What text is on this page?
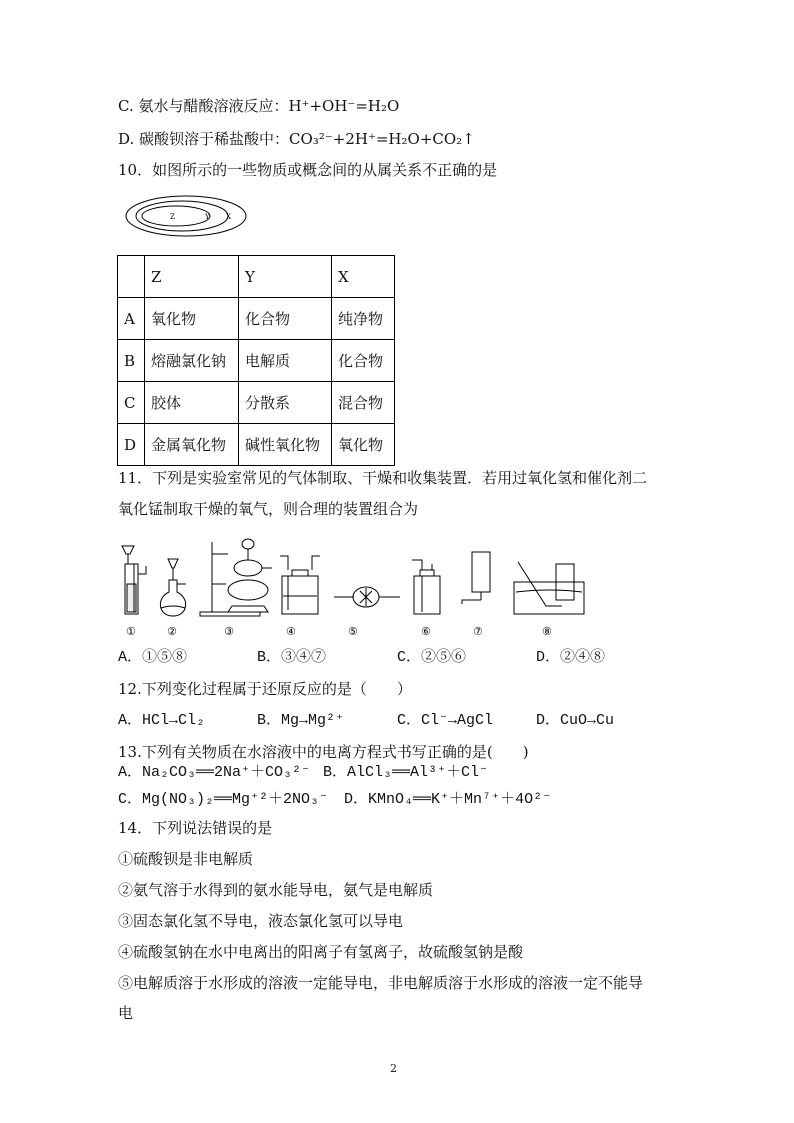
C. 氨水与醋酸溶液反应：H⁺+OH⁻=H₂O
D. 碳酸钡溶于稀盐酸中：CO₃²⁻+2H⁺=H₂O+CO₂↑
10．如图所示的一些物质或概念间的从属关系不正确的是
Z	Y X
	Z	Y	X
A	氧化物	化合物	纯净物
B	熔融氯化钠	电解质	化合物
C	胶体	分散系	混合物
D	金属氧化物	碱性氧化物	氧化物
11．下列是实验室常见的气体制取、干燥和收集装置．若用过氧化氢和催化剂二
氧化锰制取干燥的氧气，则合理的装置组合为
①	②	③	④	⑤	⑥	⑦	⑧
A．①⑤⑧	B．③④⑦	C．②⑤⑥	D．②④⑧
12.下列变化过程属于还原反应的是（　　）
A．HCl→Cl₂	B．Mg→Mg²⁺	C．Cl⁻→AgCl	D．CuO→Cu
13.下列有关物质在水溶液中的电离方程式书写正确的是(　　)
A．Na₂CO₃══2Na⁺＋CO₃²⁻ B．AlCl₃══Al³⁺＋Cl⁻
C．Mg(NO₃)₂══Mg⁺²＋2NO₃⁻ D．KMnO₄══K⁺＋Mn⁷⁺＋4O²⁻
14．下列说法错误的是
①硫酸钡是非电解质
②氨气溶于水得到的氨水能导电，氨气是电解质
③固态氯化氢不导电，液态氯化氢可以导电
④硫酸氢钠在水中电离出的阳离子有氢离子，故硫酸氢钠是酸
⑤电解质溶于水形成的溶液一定能导电，非电解质溶于水形成的溶液一定不能导
电
2
